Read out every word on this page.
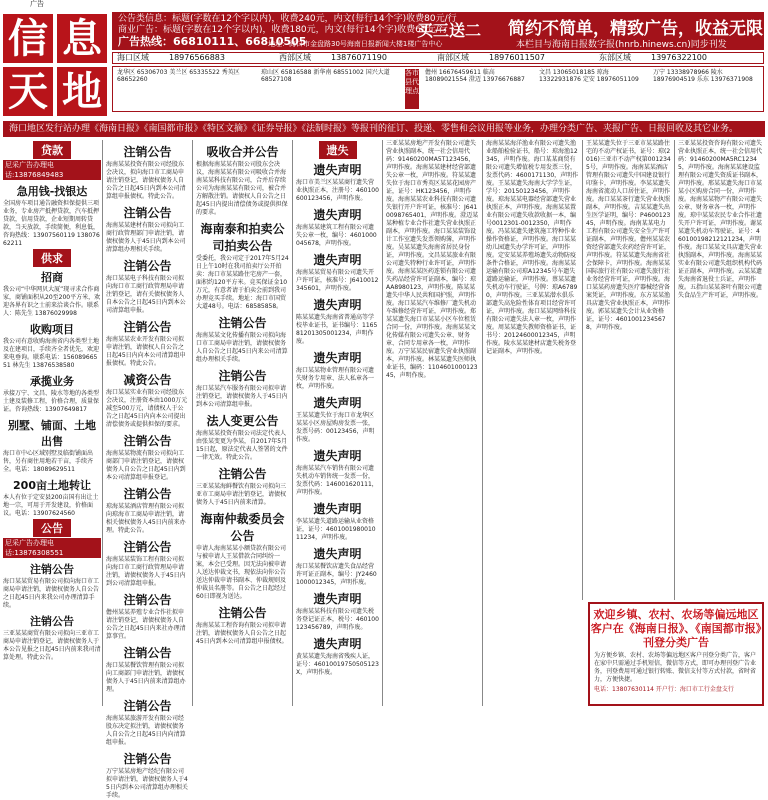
广告
信 息
天 地
公告类信息：标题(字数在12个字以内)，收费240元，内文(每行14个字)收费80元/行
商业广告：标题(字数在12个字以内)，收费180元，内文(每行14个字)收费60元/行
广告热线：66810111、66810505
地址：海口市金盘路30号海南日报新闻大楼1楼广告中心
买三送二 简约不简单，精致广告，收益无限
本栏目与海南日报数字报(hnrb.hinews.cn)同步刊发
海口区域	18976566883	西部区域	13876071190	南部区域	18976011507	东部区域	13976322100
龙华区 65306703 美兰区 65335522 秀英区 68652260
琼山区 65816588 新华南 68551002 国兴大道 68527108
各市县代理点
儋州 16676459611 临高 18089021554 澄迈 13976676887
文昌 13065018185 琼海 13322931876 定安 18976051109
万宁 13338978966 陵水 18976904519 乐东 13976371908
海口地区发行站办理《海南日报》《南国都市报》《特区文摘》《证券导报》《法制时报》等报刊的征订、投递、零售和会议用报等业务，办理分类广告、夹报广告、日报回收及其它业务。
贷款
尼采广告办理电话:13876849483
急用钱-找银达
全国房车项目通告融资担保提供三项业务，专业房产抵押贷款，汽车抵押贷款，信用贷款，企业短期周转贷款，当天放款，手续简便，利息低，咨询热线：13907560119 13807662211
供求
招商
我公司“中华网贝大厦”现寻求合作商家，商铺面积从20至200平方米，欢迎各界有识之士前来洽谈合作。联系人：陈先生 13876029998
收购项目
我公司有意收购海南省内各类型土地及在建项目，手续齐全者优先，欢迎来电垂询。联系电话：15608966551 林先生 13876538580
承揽业务
承接万宁、文昌、陵水等地的各类型土建及装修工程，价格合理，质量保证。咨询热线：13907649817
别墅、铺面、土地出售
海口市中心区域别墅及临街铺面出售，另有商住用地若干亩，手续齐全。电话：18089629511
200亩土地转让
本人有位于定安县200亩国有出让土地一宗，可用于开发建设，价格面议。电话：13907624560
公告
尼采广告办理电话:13876308551
注销公告
海口某某贸易有限公司拟向海口市工商局申请注销，请债权债务人自公告之日起45日内来我公司办理清算手续。
注销公告
三亚某某商贸有限公司拟向三亚市工商局申请注销登记，请债权债务人于本公告见报之日起45日内前来我司清算处理。特此公告。
注销公告
海南某某投资有限公司经股东会决议，拟向海口市工商局申请注销登记，请债权债务人自公告之日起45日内到本公司清算组申报债权。特此公告。
注销公告
海南某某建材有限公司拟向工商行政管理部门申请注销，请债权债务人于45日内到本公司清算组办理相关手续。
注销公告
海口某某电子科技有限公司拟向海口市工商行政管理局申请注销登记，请有关债权债务人自本公告之日起45日内到本公司清算组申报。
注销公告
海南某某农业开发有限公司拟申请注销，请债权人自公告之日起45日内向本公司清算组申报债权。特此公告。
减资公告
海口某某实业有限公司经股东会决议，注册资本由1000万元减至500万元，请债权人于公告之日起45日内向本公司提出清偿债务或提供担保的要求。
注销公告
海南某某物流有限公司拟向工商部门申请注销登记，请债权债务人自公告之日起45日内到本公司清算组申报登记。
注销公告
琼海某某酒店管理有限公司拟向琼海市工商局申请注销，请相关债权债务人45日内前来办理。特此公告。
注销公告
海南某某装饰工程有限公司拟向海口市工商行政管理局申请注销，请债权债务人于45日内到公司清算组申报。
注销公告
儋州某某养殖专业合作社拟申请注销登记，请债权债务人自公告之日起45日内来社办理清算事宜。
注销公告
海口某某餐饮管理有限公司拟向工商部门申请注销，请债权债务人于45日内前来清算组办理。
注销公告
海南某某旅游开发有限公司经股东决定拟注销，请债权债务人自公告之日起45日内向清算组申报。
注销公告
万宁某某房地产经纪有限公司拟申请注销，请债权债务人于45日内到本公司清算组办理相关手续。
吸收合并公告
根据海南某某有限公司股东会决议，海南某某有限公司吸收合并海南某某科技有限公司，合并后存续公司为海南某某有限公司，被合并方解散注销。请债权人自公告之日起45日内提出清偿债务或提供担保的要求。
海南泰和拍卖公司拍卖公告
受委托，我公司定于2017年5月24日上午10时在我司拍卖厅公开拍卖：海口市某某路住宅房产一套，面积约120平方米。竞买保证金10万元，有意者请于拍卖会前到我司办理竞买手续。地址：海口市国贸大道48号。电话：68585858。
注销公告
海南某某文化传播有限公司拟向海口市工商局申请注销，请债权债务人自公告之日起45日内来公司清算组办理相关手续。
注销公告
海口某某汽车服务有限公司拟申请注销登记，请债权债务人于45日内到本公司清算组申报。
法人变更公告
海南某某投资有限公司法定代表人由张某变更为李某，自2017年5月15日起，原法定代表人签署的文件一律无效。特此公告。
注销公告
三亚某某海鲜餐饮有限公司拟向三亚市工商局申请注销登记，请债权债务人于45日内前来清算。
海南仲裁委员会公告
申请人海南某某小额贷款有限公司与被申请人王某借款合同纠纷一案，本会已受理。因无法向被申请人送达仲裁文书，现依法向你公告送达仲裁申请书副本、仲裁规则及仲裁员名册等。自公告之日起经过60日即视为送达。
注销公告
海南某某工程咨询有限公司拟申请注销，请债权债务人自公告之日起45日内到本公司清算组申报债权。
遗失
遗失声明
海口市美兰区某某商行遗失营业执照正本，注册号：460100600123456，声明作废。
遗失声明
海南某某建筑工程有限公司遗失公章一枚，编号：4601000045678，声明作废。
遗失声明
海南某某贸易有限公司遗失开户许可证，核准号：J6410012345601，声明作废。
遗失声明
陈某某遗失海南省普通高等学校毕业证书，证书编号：116581201305001234，声明作废。
遗失声明
海口某某物业管理有限公司遗失财务专用章、法人私章各一枚，声明作废。
遗失声明
王某某遗失位于海口市龙华区某某小区房屋购房发票一张，发票号码：00123456，声明作废。
遗失声明
海南某某汽车销售有限公司遗失机动车销售统一发票一份，发票代码：146001620111，声明作废。
遗失声明
李某某遗失道路运输从业资格证，证号：460100198001011234，声明作废。
遗失声明
海口某某餐饮店遗失食品经营许可证正副本，编号：JY24601000012345，声明作废。
遗失声明
海南某某科技有限公司遗失税务登记证正本，税号：460100123456789，声明作废。
遗失声明
黄某某遗失海南省残疾人证，证号：46010019750505123X，声明作废。
三亚某某房地产开发有限公司遗失营业执照副本，统一社会信用代码：91460200MA5T123456，声明作废。海南某某建材经营部遗失公章一枚，声明作废。符某某遗失位于海口市秀英区某某花园房产证，证号：HK123456，声明作废。海南某某农业科技有限公司遗失银行开户许可证，核准号：J6410098765401，声明作废。澄迈某某种植专业合作社遗失营业执照正副本，声明作废。海口某某装饰设计工作室遗失发票领购簿，声明作废。吴某某遗失海南省居民身份证，声明作废。文昌某某旅业有限公司遗失特种行业许可证，声明作废。海南某某医药连锁有限公司遗失药品经营许可证副本，编号：琼AA8980123，声明作废。陈某某遗失中华人民共和国护照，声明作废。海口某某汽车维修厂遗失机动车维修经营许可证，声明作废。郑某某遗失海口市某某小区车位租赁合同一份，声明作废。海南某某文化传媒有限公司遗失公章、财务章、合同专用章各一枚，声明作废。万宁某某民宿遗失营业执照副本，声明作废。林某某遗失医师执业证书，编码：110460100012345，声明作废。
海南某某海洋渔业有限公司遗失渔业船舶检验证书，船号：琼海渔12345，声明作废。海口某某商贸有限公司遗失增值税专用发票三份，发票代码：4600171130，声明作废。王某某遗失海南大学学生证，学号：20150123456，声明作废。琼海某某电器经营部遗失营业执照正本，声明作废。海南某某置业有限公司遗失收款收据一本，编号0012301-0012350，声明作废。冯某某遗失建筑施工特种作业操作资格证，声明作废。海口某某幼儿园遗失办学许可证，声明作废。定安某某养殖场遗失动物防疫条件合格证，声明作废。海南某某运输有限公司琼A12345号车遗失道路运输证，声明作废。蔡某某遗失机动车行驶证，号牌：琼A67890，声明作废。三亚某某潜水俱乐部遗失高危险性体育项目经营许可证，声明作废。海口某某网络科技有限公司遗失法人章一枚，声明作废。周某某遗失教师资格证书，证书号：20124600012345，声明作废。陵水某某建材店遗失税务登记证副本，声明作废。
王某某遗失位于三亚市某某路住宅的不动产权证书，证号：琼(2016)三亚市不动产权第0012345号，声明作废。海南某某酒店管理有限公司遗失中国建设银行印鉴卡，声明作废。李某某遗失海南省流动人口居住证，声明作废。海口某某茶行遗失营业执照副本，声明作废。吉某某遗失出生医学证明，编号：P460012345，声明作废。海南某某电力工程有限公司遗失安全生产许可证副本，声明作废。儋州某某农资经营部遗失农药经营许可证，声明作废。符某某遗失海南省社会保障卡，声明作废。海南某某国际旅行社有限公司遗失旅行社业务经营许可证，声明作废。海口某某药房遗失医疗器械经营备案凭证，声明作废。东方某某渔具店遗失营业执照正本，声明作废。郭某某遗失会计从业资格证，证号：46010012345678，声明作废。
三亚某某投资咨询有限公司遗失营业执照正本，统一社会信用代码：91460200MA5RC12345，声明作废。海南某某建设监理有限公司遗失资质证书副本，声明作废。邢某某遗失海口市某某小区购房合同一份，声明作废。海南某某物产有限公司遗失公章、财务章各一枚，声明作废。琼中某某农民专业合作社遗失开户许可证，声明作废。谢某某遗失机动车驾驶证，证号：460100198212121234，声明作废。海口某某文具店遗失营业执照副本，声明作废。海南某某实业有限公司遗失组织机构代码证正副本，声明作废。云某某遗失海南省退役士兵证，声明作废。五指山某某茶叶有限公司遗失食品生产许可证，声明作废。
欢迎乡镇、农村、农场等偏远地区客户在《海南日报》、《南国都市报》刊登分类广告
为方便乡镇、农村、农场等偏远地区客户刊登分类广告，客户在家中只需通过手机短信，微信等方式，即可办理刊登广告业务，刊登费用可通过银行转账、微信支付等方式付款，省时省力，方便快捷。
电话：13807630114 开户行：海口市工行金盘支行
